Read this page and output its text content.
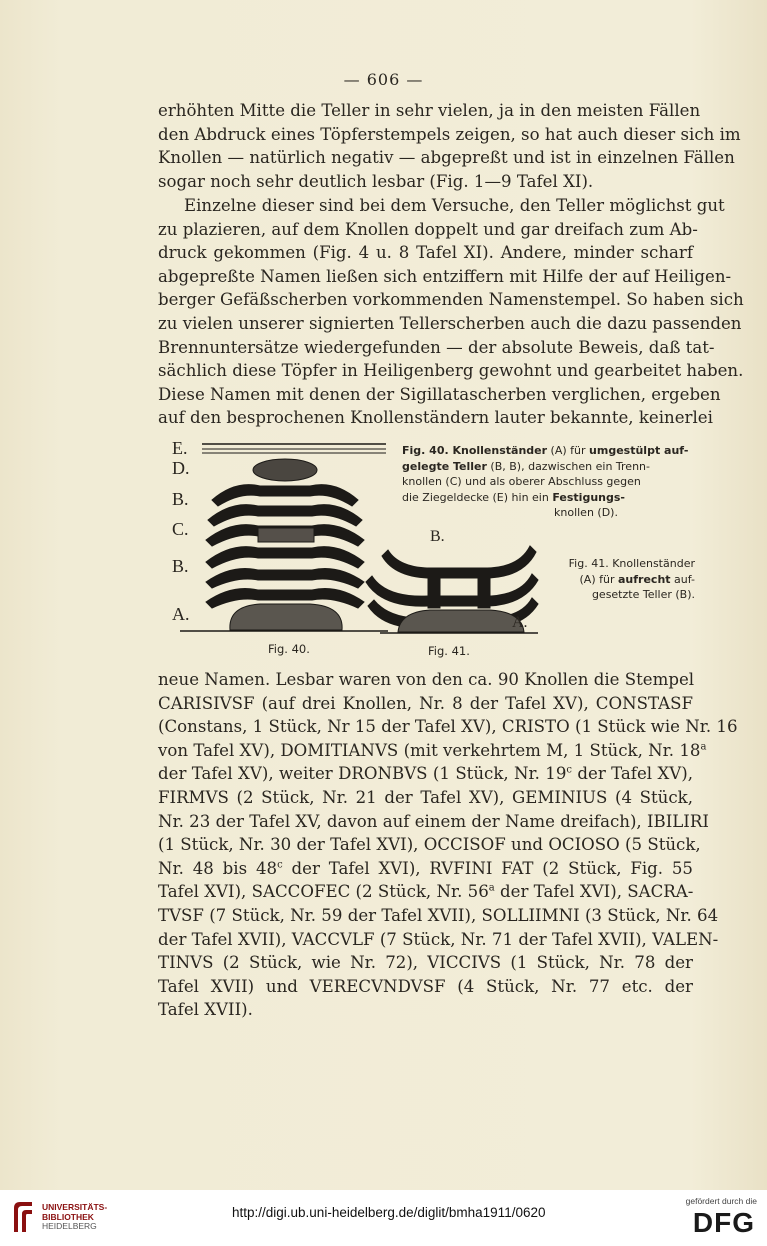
— 606 —
erhöhten Mitte die Teller in sehr vielen, ja in den meisten Fällen
den Abdruck eines Töpferstempels zeigen, so hat auch dieser sich im
Knollen — natürlich negativ — abgepreßt und ist in einzelnen Fällen
sogar noch sehr deutlich lesbar (Fig. 1—9 Tafel XI).
Einzelne dieser sind bei dem Versuche, den Teller möglichst gut
zu plazieren, auf dem Knollen doppelt und gar dreifach zum Ab-
druck gekommen (Fig. 4 u. 8 Tafel XI). Andere, minder scharf
abgepreßte Namen ließen sich entziffern mit Hilfe der auf Heiligen-
berger Gefäßscherben vorkommenden Namenstempel. So haben sich
zu vielen unserer signierten Tellerscherben auch die dazu passenden
Brennuntersätze wiedergefunden — der absolute Beweis, daß tat-
sächlich diese Töpfer in Heiligenberg gewohnt und gearbeitet haben.
Diese Namen mit denen der Sigillatascherben verglichen, ergeben
auf den besprochenen Knollenständern lauter bekannte, keinerlei
E.
D.
B.
C.
B.
A.
B.
A.
Fig. 40. Knollenständer (A) für umgestülpt auf-
gelegte Teller (B, B), dazwischen ein Trenn-
knollen (C) und als oberer Abschluss gegen
die Ziegeldecke (E) hin ein Festigungs-
knollen (D).
Fig. 41. Knollenständer
(A) für aufrecht auf-
gesetzte Teller (B).
Fig. 40.	Fig. 41.
neue Namen. Lesbar waren von den ca. 90 Knollen die Stempel
CARISIVSF (auf drei Knollen, Nr. 8 der Tafel XV), CONSTASF
(Constans, 1 Stück, Nr 15 der Tafel XV), CRISTO (1 Stück wie Nr. 16
von Tafel XV), DOMITIANVS (mit verkehrtem M, 1 Stück, Nr. 18$^a$
der Tafel XV), weiter DRONBVS (1 Stück, Nr. 19$^c$ der Tafel XV),
FIRMVS (2 Stück, Nr. 21 der Tafel XV), GEMINIUS (4 Stück,
Nr. 23 der Tafel XV, davon auf einem der Name dreifach), IBILIRI
(1 Stück, Nr. 30 der Tafel XVI), OCCISOF und OCIOSO (5 Stück,
Nr. 48 bis 48$^c$ der Tafel XVI), RVFINI FAT (2 Stück, Fig. 55
Tafel XVI), SACCOFEC (2 Stück, Nr. 56$^a$ der Tafel XVI), SACRA-
TVSF (7 Stück, Nr. 59 der Tafel XVII), SOLLIIMNI (3 Stück, Nr. 64
der Tafel XVII), VACCVLF (7 Stück, Nr. 71 der Tafel XVII), VALEN-
TINVS (2 Stück, wie Nr. 72), VICCIVS (1 Stück, Nr. 78 der
Tafel XVII) und VERECVNDVSF (4 Stück, Nr. 77 etc. der
Tafel XVII).
UNIVERSITÄTS-
BIBLIOTHEK
HEIDELBERG
http://digi.ub.uni-heidelberg.de/diglit/bmha1911/0620
gefördert durch die
DFG
